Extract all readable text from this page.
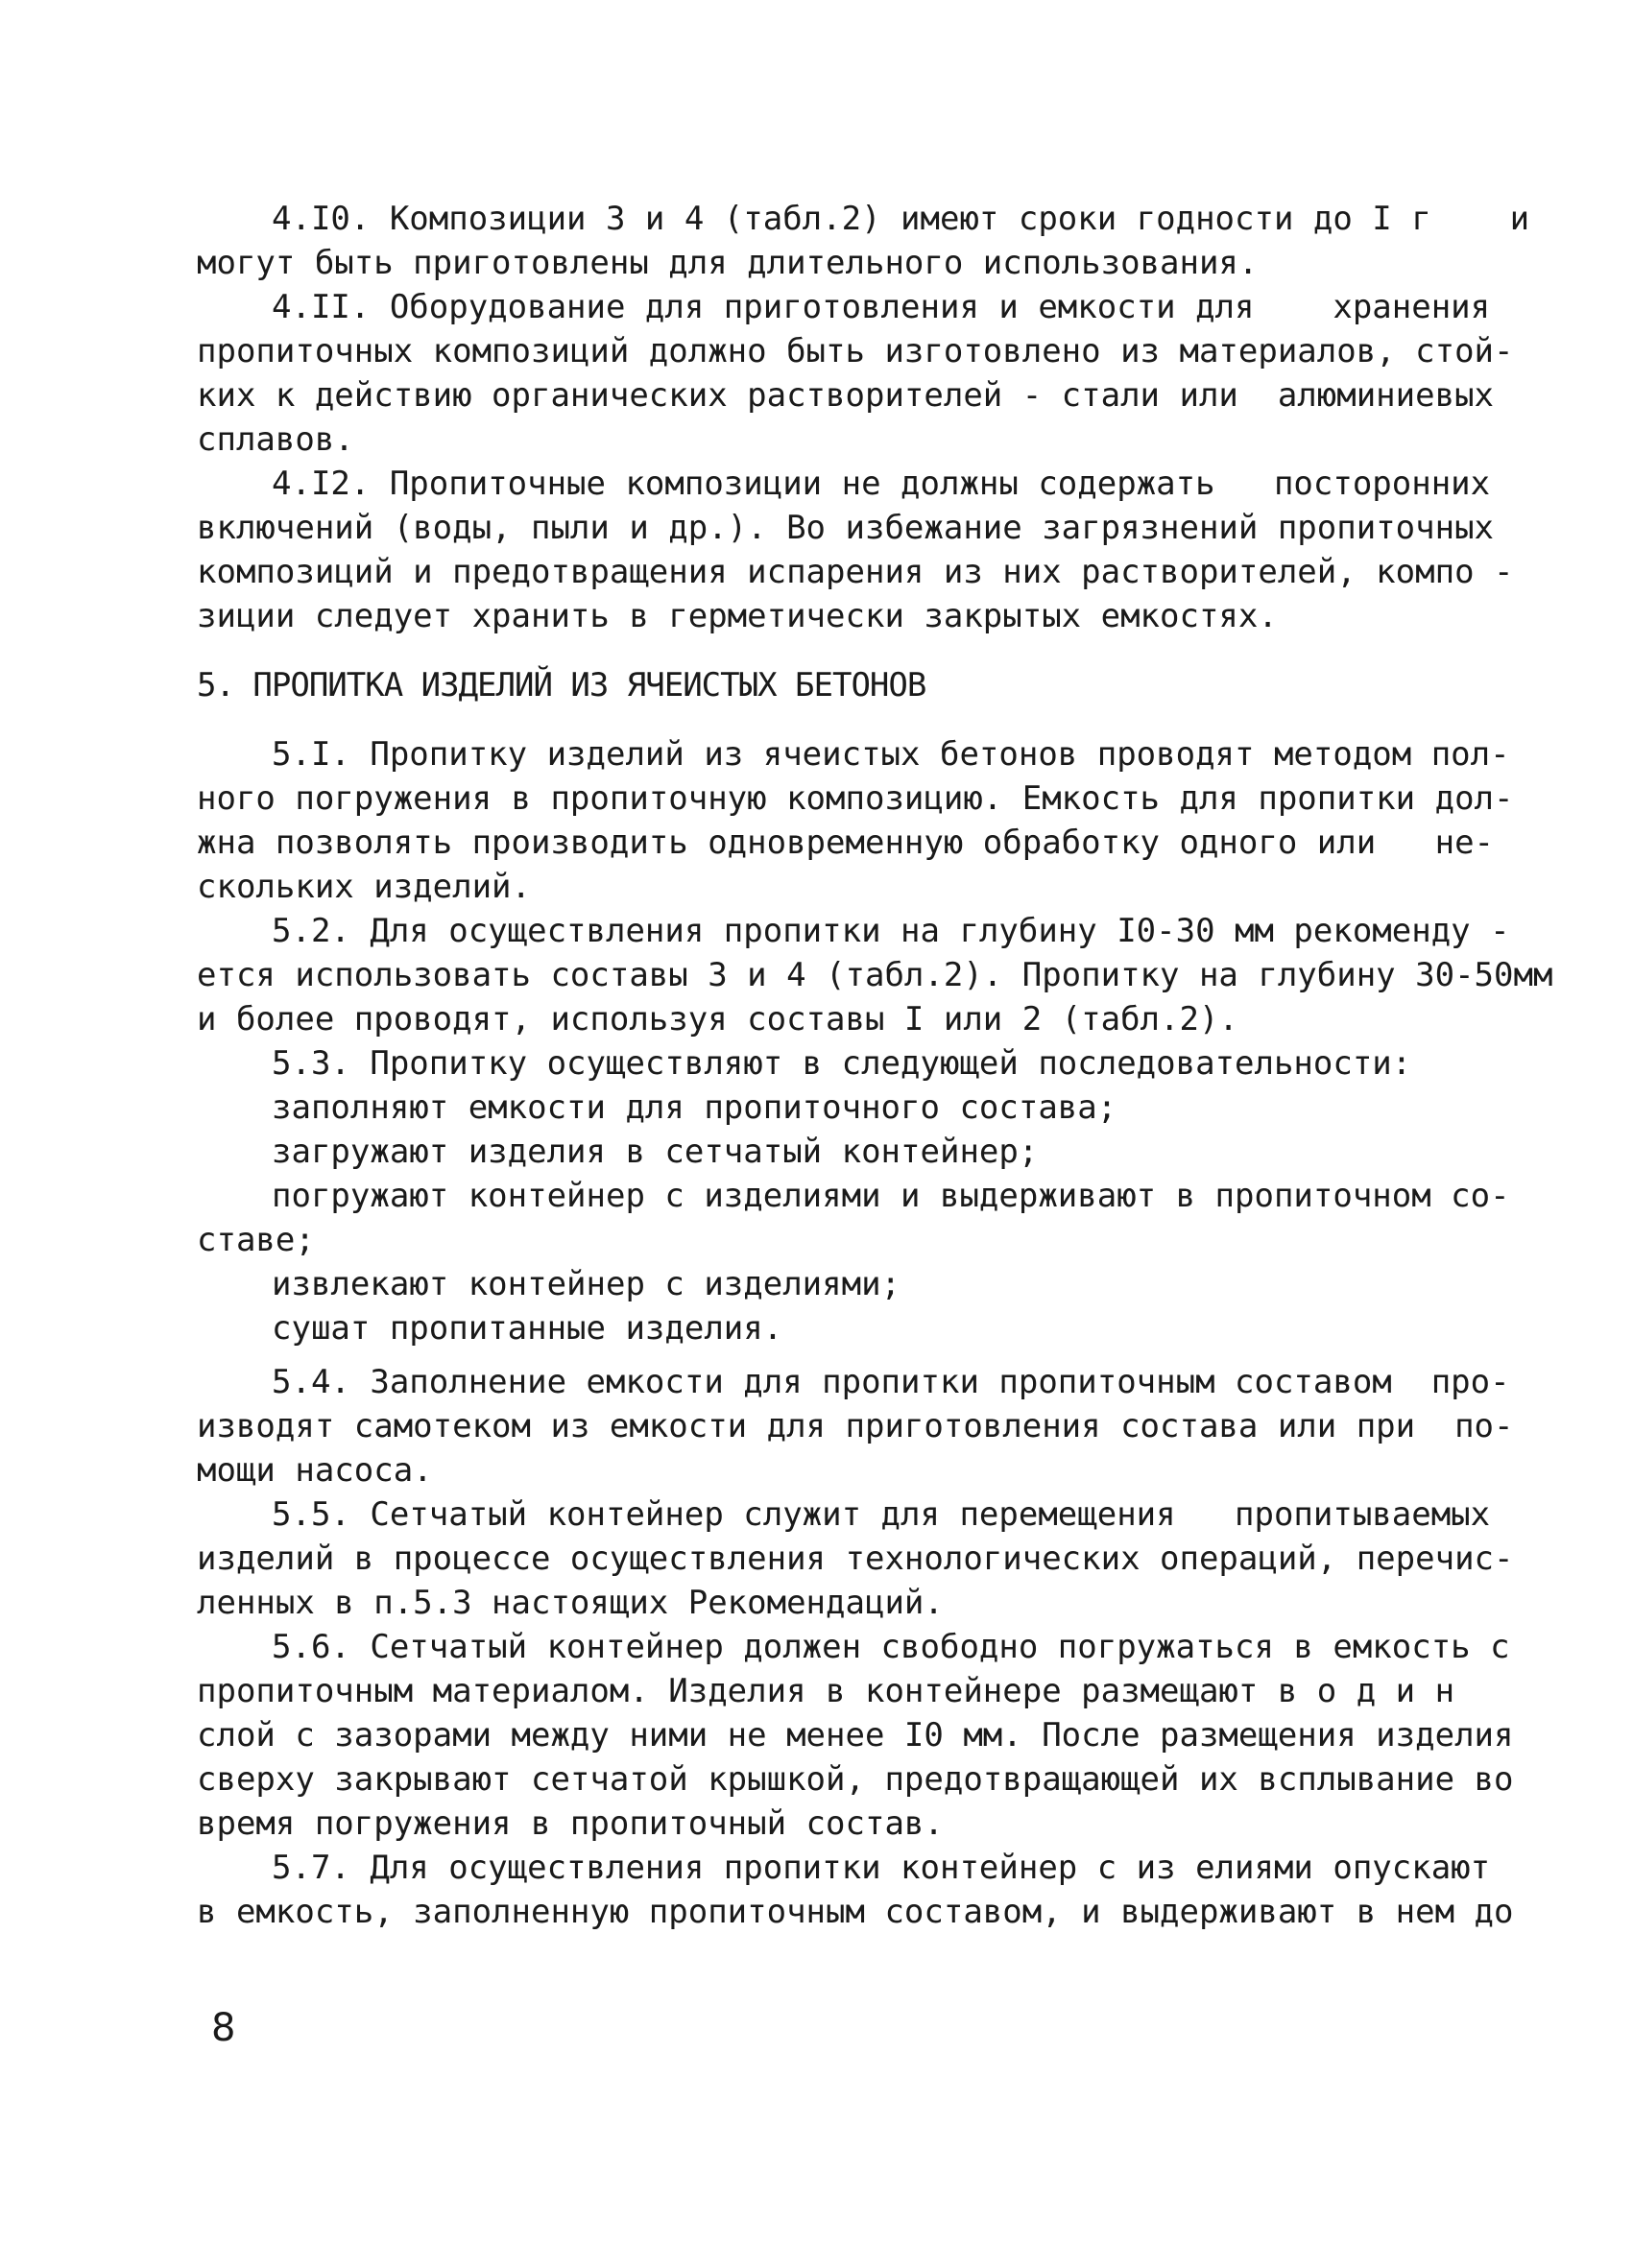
4.I0. Композиции 3 и 4 (табл.2) имеют сроки годности до I г    и
могут быть приготовлены для длительного использования.
4.II. Оборудование для приготовления и емкости для    хранения
пропиточных композиций должно быть изготовлено из материалов, стой-
ких к действию органических растворителей - стали или  алюминиевых
сплавов.
4.I2. Пропиточные композиции не должны содержать   посторонних
включений (воды, пыли и др.). Во избежание загрязнений пропиточных
композиций и предотвращения испарения из них растворителей, компо -
зиции следует хранить в герметически закрытых емкостях.
5. ПРОПИТКА ИЗДЕЛИЙ ИЗ ЯЧЕИСТЫХ БЕТОНОВ
5.I. Пропитку изделий из ячеистых бетонов проводят методом пол-
ного погружения в пропиточную композицию. Емкость для пропитки дол-
жна позволять производить одновременную обработку одного или   не-
скольких изделий.
5.2. Для осуществления пропитки на глубину I0-30 мм рекоменду -
ется использовать составы 3 и 4 (табл.2). Пропитку на глубину 30-50мм
и более проводят, используя составы I или 2 (табл.2).
5.3. Пропитку осуществляют в следующей последовательности:
заполняют емкости для пропиточного состава;
загружают изделия в сетчатый контейнер;
погружают контейнер с изделиями и выдерживают в пропиточном со-
ставе;
извлекают контейнер с изделиями;
сушат пропитанные изделия.
5.4. Заполнение емкости для пропитки пропиточным составом  про-
изводят самотеком из емкости для приготовления состава или при  по-
мощи насоса.
5.5. Сетчатый контейнер служит для перемещения   пропитываемых
изделий в процессе осуществления технологических операций, перечис-
ленных в п.5.3 настоящих Рекомендаций.
5.6. Сетчатый контейнер должен свободно погружаться в емкость с
пропиточным материалом. Изделия в контейнере размещают в о д и н
слой с зазорами между ними не менее I0 мм. После размещения изделия
сверху закрывают сетчатой крышкой, предотвращающей их всплывание во
время погружения в пропиточный состав.
5.7. Для осуществления пропитки контейнер с из елиями опускают
в емкость, заполненную пропиточным составом, и выдерживают в нем до
8
